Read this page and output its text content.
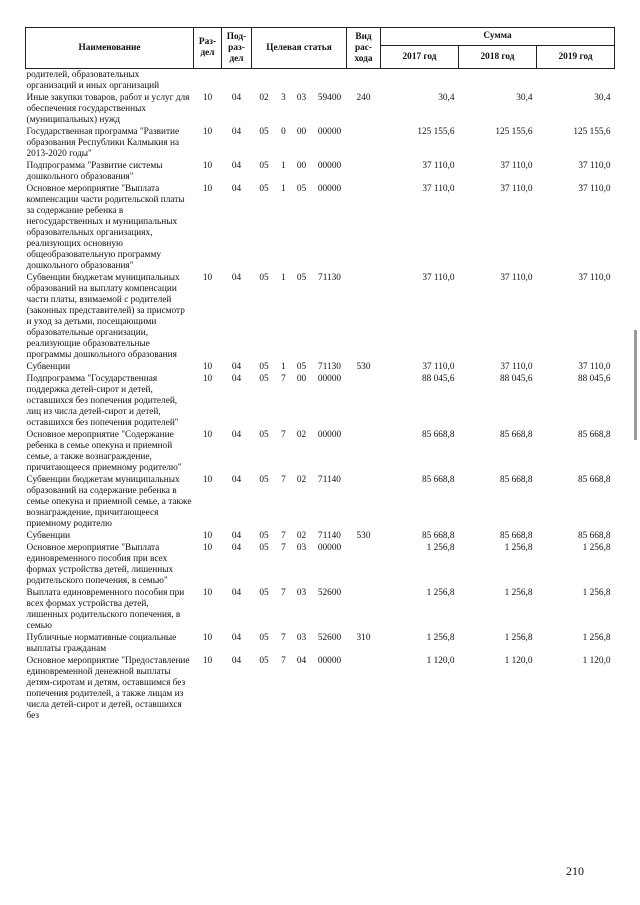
Наименование	Раз-дел	Под-раз-дел	Целевая статья				Вид рас-хода	Сумма		
								2017 год	2018 год	2019 год
родителей, образовательных организаций и иных организаций										
Иные закупки товаров, работ и услуг для обеспечения государственных (муниципальных) нужд	10	04	02	3	03	59400	240	30,4	30,4	30,4
Государственная программа "Развитие образования Республики Калмыкия на 2013-2020 годы"	10	04	05	0	00	00000		125 155,6	125 155,6	125 155,6
Подпрограмма "Развитие системы дошкольного образования"	10	04	05	1	00	00000		37 110,0	37 110,0	37 110,0
Основное мероприятие "Выплата компенсации части родительской платы за содержание ребенка в негосударственных и муниципальных образовательных организациях, реализующих основную общеобразовательную программу дошкольного образования"	10	04	05	1	05	00000		37 110,0	37 110,0	37 110,0
Субвенции бюджетам муниципальных образований на выплату компенсации части платы, взимаемой с родителей (законных представителей) за присмотр и уход за детьми, посещающими образовательные организации, реализующие образовательные программы дошкольного образования	10	04	05	1	05	71130		37 110,0	37 110,0	37 110,0
Субвенции	10	04	05	1	05	71130	530	37 110,0	37 110,0	37 110,0
Подпрограмма "Государственная поддержка детей-сирот и детей, оставшихся без попечения родителей, лиц из числа детей-сирот и детей, оставшихся без попечения родителей"	10	04	05	7	00	00000		88 045,6	88 045,6	88 045,6
Основное мероприятие "Содержание ребенка в семье опекуна и приемной семье, а также вознаграждение, причитающееся приемному родителю"	10	04	05	7	02	00000		85 668,8	85 668,8	85 668,8
Субвенции бюджетам муниципальных образований на содержание ребенка в семье опекуна и приемной семье, а также вознаграждение, причитающееся приемному родителю	10	04	05	7	02	71140		85 668,8	85 668,8	85 668,8
Субвенции	10	04	05	7	02	71140	530	85 668,8	85 668,8	85 668,8
Основное мероприятие "Выплата единовременного пособия при всех формах устройства детей, лишенных родительского попечения, в семью"	10	04	05	7	03	00000		1 256,8	1 256,8	1 256,8
Выплата единовременного пособия при всех формах устройства детей, лишенных родительского попечения, в семью	10	04	05	7	03	52600		1 256,8	1 256,8	1 256,8
Публичные нормативные социальные выплаты гражданам	10	04	05	7	03	52600	310	1 256,8	1 256,8	1 256,8
Основное мероприятие "Предоставление единовременной денежной выплаты детям-сиротам и детям, оставшимся без попечения родителей, а также лицам из числа детей-сирот и детей, оставшихся без	10	04	05	7	04	00000		1 120,0	1 120,0	1 120,0
210
